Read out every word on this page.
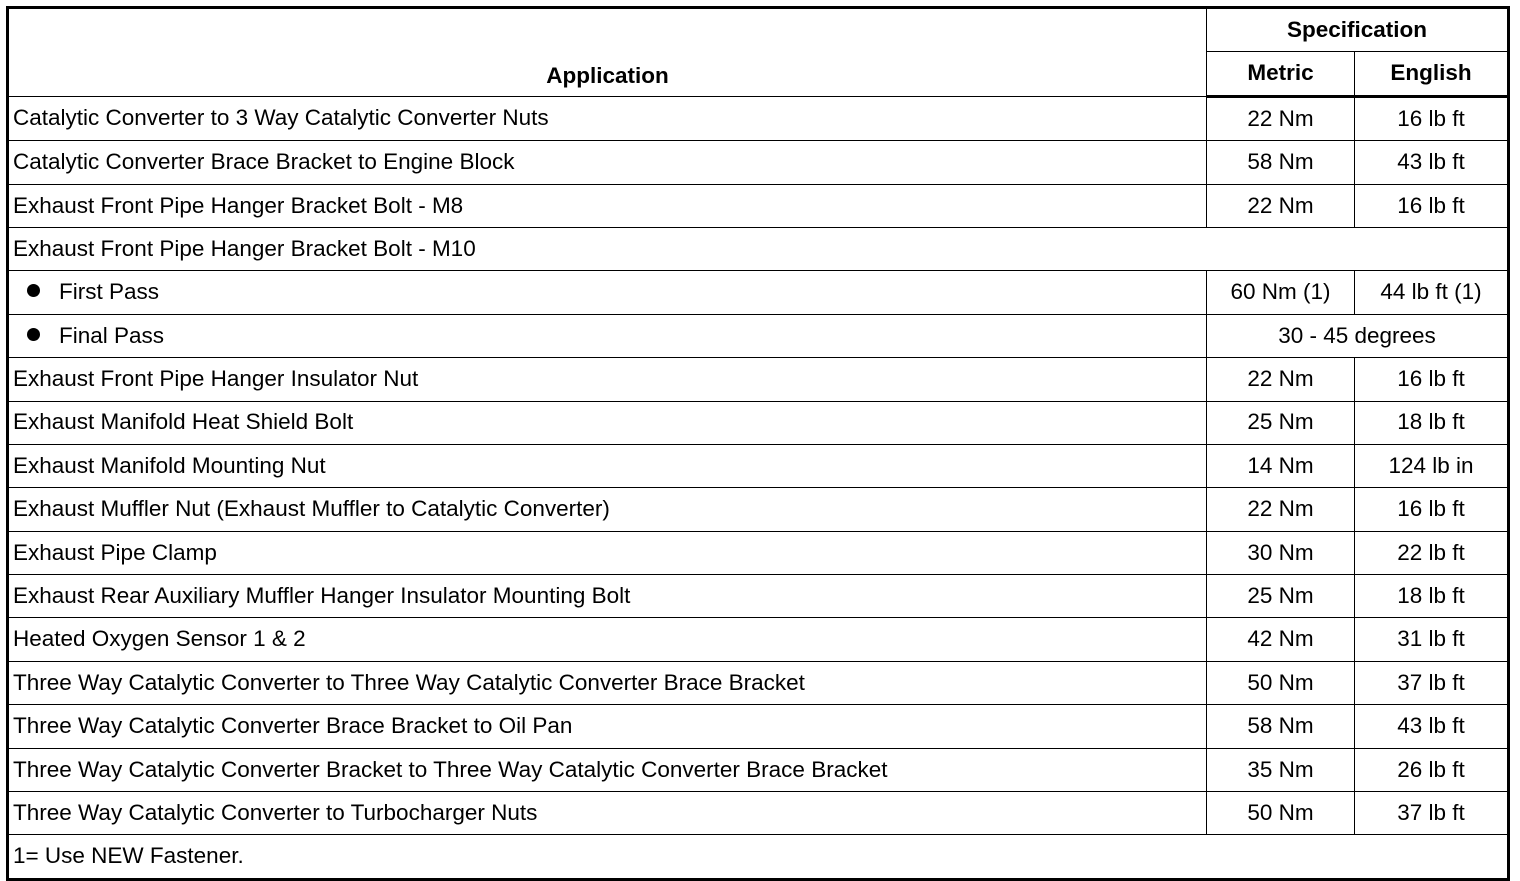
Application	Specification	
	Metric	English
Catalytic Converter to 3 Way Catalytic Converter Nuts	22 Nm	16 lb ft
Catalytic Converter Brace Bracket to Engine Block	58 Nm	43 lb ft
Exhaust Front Pipe Hanger Bracket Bolt - M8	22 Nm	16 lb ft
Exhaust Front Pipe Hanger Bracket Bolt - M10		
First Pass	60 Nm (1)	44 lb ft (1)
Final Pass	30 - 45 degrees	
Exhaust Front Pipe Hanger Insulator Nut	22 Nm	16 lb ft
Exhaust Manifold Heat Shield Bolt	25 Nm	18 lb ft
Exhaust Manifold Mounting Nut	14 Nm	124 lb in
Exhaust Muffler Nut (Exhaust Muffler to Catalytic Converter)	22 Nm	16 lb ft
Exhaust Pipe Clamp	30 Nm	22 lb ft
Exhaust Rear Auxiliary Muffler Hanger Insulator Mounting Bolt	25 Nm	18 lb ft
Heated Oxygen Sensor 1 & 2	42 Nm	31 lb ft
Three Way Catalytic Converter to Three Way Catalytic Converter Brace Bracket	50 Nm	37 lb ft
Three Way Catalytic Converter Brace Bracket to Oil Pan	58 Nm	43 lb ft
Three Way Catalytic Converter Bracket to Three Way Catalytic Converter Brace Bracket	35 Nm	26 lb ft
Three Way Catalytic Converter to Turbocharger Nuts	50 Nm	37 lb ft
1= Use NEW Fastener.		
